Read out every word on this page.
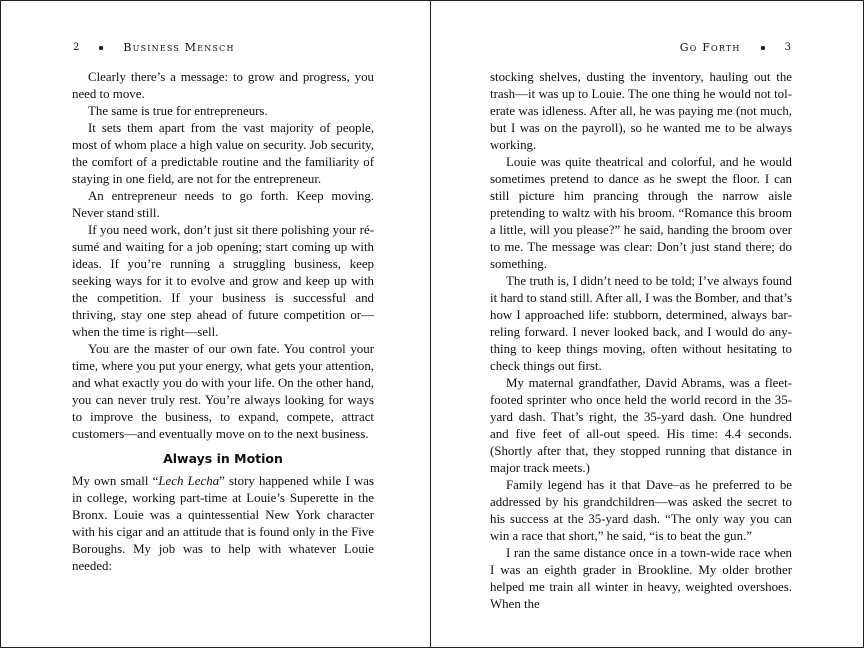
2	Business Mensch

Clearly there’s a message: to grow and progress, you need to move.

The same is true for entrepreneurs.

It sets them apart from the vast majority of people, most of whom place a high value on security. Job security, the comfort of a predictable routine and the familiarity of staying in one field, are not for the entrepreneur.

An entrepreneur needs to go forth. Keep moving. Never stand still.

If you need work, don’t just sit there polishing your résumé and waiting for a job opening; start coming up with ideas. If you’re running a struggling business, keep seeking ways for it to evolve and grow and keep up with the competition. If your business is successful and thriving, stay one step ahead of future competition or—when the time is right—sell.

You are the master of our own fate. You control your time, where you put your energy, what gets your attention, and what exactly you do with your life. On the other hand, you can never truly rest. You’re always looking for ways to improve the business, to expand, compete, attract customers—and eventually move on to the next business.

Always in Motion

My own small “Lech Lecha” story happened while I was in college, working part-time at Louie’s Superette in the Bronx. Louie was a quintessential New York character with his cigar and an attitude that is found only in the Five Boroughs. My job was to help with whatever Louie needed:

Go Forth	3

stocking shelves, dusting the inventory, hauling out the trash—it was up to Louie. The one thing he would not tolerate was idleness. After all, he was paying me (not much, but I was on the payroll), so he wanted me to be always working.

Louie was quite theatrical and colorful, and he would sometimes pretend to dance as he swept the floor. I can still picture him prancing through the narrow aisle pretending to waltz with his broom. “Romance this broom a little, will you please?” he said, handing the broom over to me. The message was clear: Don’t just stand there; do something.

The truth is, I didn’t need to be told; I’ve always found it hard to stand still. After all, I was the Bomber, and that’s how I approached life: stubborn, determined, always barreling forward. I never looked back, and I would do anything to keep things moving, often without hesitating to check things out first.

My maternal grandfather, David Abrams, was a fleet-footed sprinter who once held the world record in the 35-yard dash. That’s right, the 35-yard dash. One hundred and five feet of all-out speed. His time: 4.4 seconds. (Shortly after that, they stopped running that distance in major track meets.)

Family legend has it that Dave–as he preferred to be addressed by his grandchildren—was asked the secret to his success at the 35-yard dash. “The only way you can win a race that short,” he said, “is to beat the gun.”

I ran the same distance once in a town-wide race when I was an eighth grader in Brookline. My older brother helped me train all winter in heavy, weighted overshoes. When the
